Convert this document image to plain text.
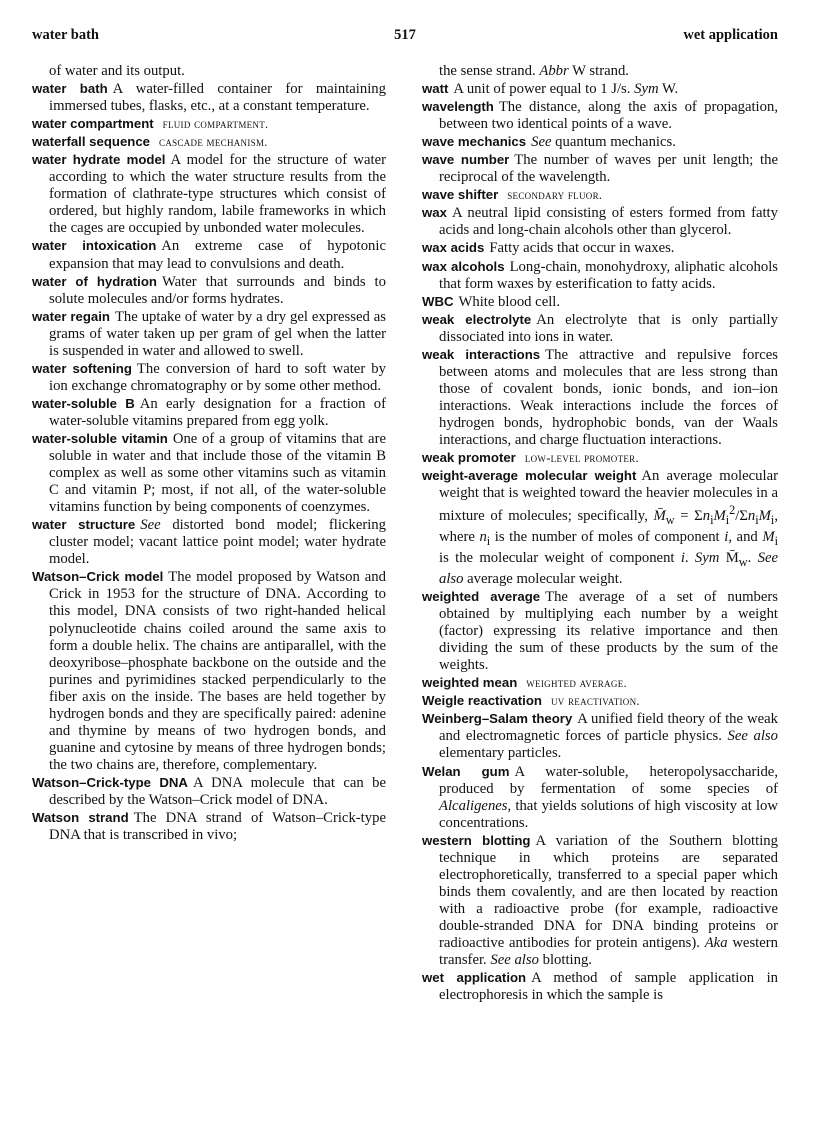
water bath	517	wet application

of water and its output.

water bath A water-filled container for maintaining immersed tubes, flasks, etc., at a constant temperature.

water compartment fluid compartment.

waterfall sequence cascade mechanism.

water hydrate model A model for the structure of water according to which the water structure results from the formation of clathrate-type structures which consist of ordered, but highly random, labile frameworks in which the cages are occupied by unbonded water molecules.

water intoxication An extreme case of hypotonic expansion that may lead to convulsions and death.

water of hydration Water that surrounds and binds to solute molecules and/or forms hydrates.

water regain The uptake of water by a dry gel expressed as grams of water taken up per gram of gel when the latter is suspended in water and allowed to swell.

water softening The conversion of hard to soft water by ion exchange chromatography or by some other method.

water-soluble B An early designation for a fraction of water-soluble vitamins prepared from egg yolk.

water-soluble vitamin One of a group of vitamins that are soluble in water and that include those of the vitamin B complex as well as some other vitamins such as vitamin C and vitamin P; most, if not all, of the water-soluble vitamins function by being components of coenzymes.

water structure See distorted bond model; flickering cluster model; vacant lattice point model; water hydrate model.

Watson–Crick model The model proposed by Watson and Crick in 1953 for the structure of DNA. According to this model, DNA consists of two right-handed helical polynucleotide chains coiled around the same axis to form a double helix. The chains are antiparallel, with the deoxyribose–phosphate backbone on the outside and the purines and pyrimidines stacked perpendicularly to the fiber axis on the inside. The bases are held together by hydrogen bonds and they are specifically paired: adenine and thymine by means of two hydrogen bonds, and guanine and cytosine by means of three hydrogen bonds; the two chains are, therefore, complementary.

Watson–Crick-type DNA A DNA molecule that can be described by the Watson–Crick model of DNA.

Watson strand The DNA strand of Watson–Crick-type DNA that is transcribed in vivo;

the sense strand. Abbr W strand.

watt A unit of power equal to 1 J/s. Sym W.

wavelength The distance, along the axis of propagation, between two identical points of a wave.

wave mechanics See quantum mechanics.

wave number The number of waves per unit length; the reciprocal of the wavelength.

wave shifter secondary fluor.

wax A neutral lipid consisting of esters formed from fatty acids and long-chain alcohols other than glycerol.

wax acids Fatty acids that occur in waxes.

wax alcohols Long-chain, monohydroxy, aliphatic alcohols that form waxes by esterification to fatty acids.

WBC White blood cell.

weak electrolyte An electrolyte that is only partially dissociated into ions in water.

weak interactions The attractive and repulsive forces between atoms and molecules that are less strong than those of covalent bonds, ionic bonds, and ion–ion interactions. Weak interactions include the forces of hydrogen bonds, hydrophobic bonds, van der Waals interactions, and charge fluctuation interactions.

weak promoter low-level promoter.

weight-average molecular weight An average molecular weight that is weighted toward the heavier molecules in a mixture of molecules; specifically, $M̄_w = \Sigma n_iM_i^2/\Sigma n_iM_i$, where $n_i$ is the number of moles of component i, and $M_i$ is the molecular weight of component i. Sym $M̄_w$. See also average molecular weight.

weighted average The average of a set of numbers obtained by multiplying each number by a weight (factor) expressing its relative importance and then dividing the sum of these products by the sum of the weights.

weighted mean weighted average.

Weigle reactivation uv reactivation.

Weinberg–Salam theory A unified field theory of the weak and electromagnetic forces of particle physics. See also elementary particles.

Welan gum A water-soluble, heteropolysaccharide, produced by fermentation of some species of Alcaligenes, that yields solutions of high viscosity at low concentrations.

western blotting A variation of the Southern blotting technique in which proteins are separated electrophoretically, transferred to a special paper which binds them covalently, and are then located by reaction with a radioactive probe (for example, radioactive double-stranded DNA for DNA binding proteins or radioactive antibodies for protein antigens). Aka western transfer. See also blotting.

wet application A method of sample application in electrophoresis in which the sample is
